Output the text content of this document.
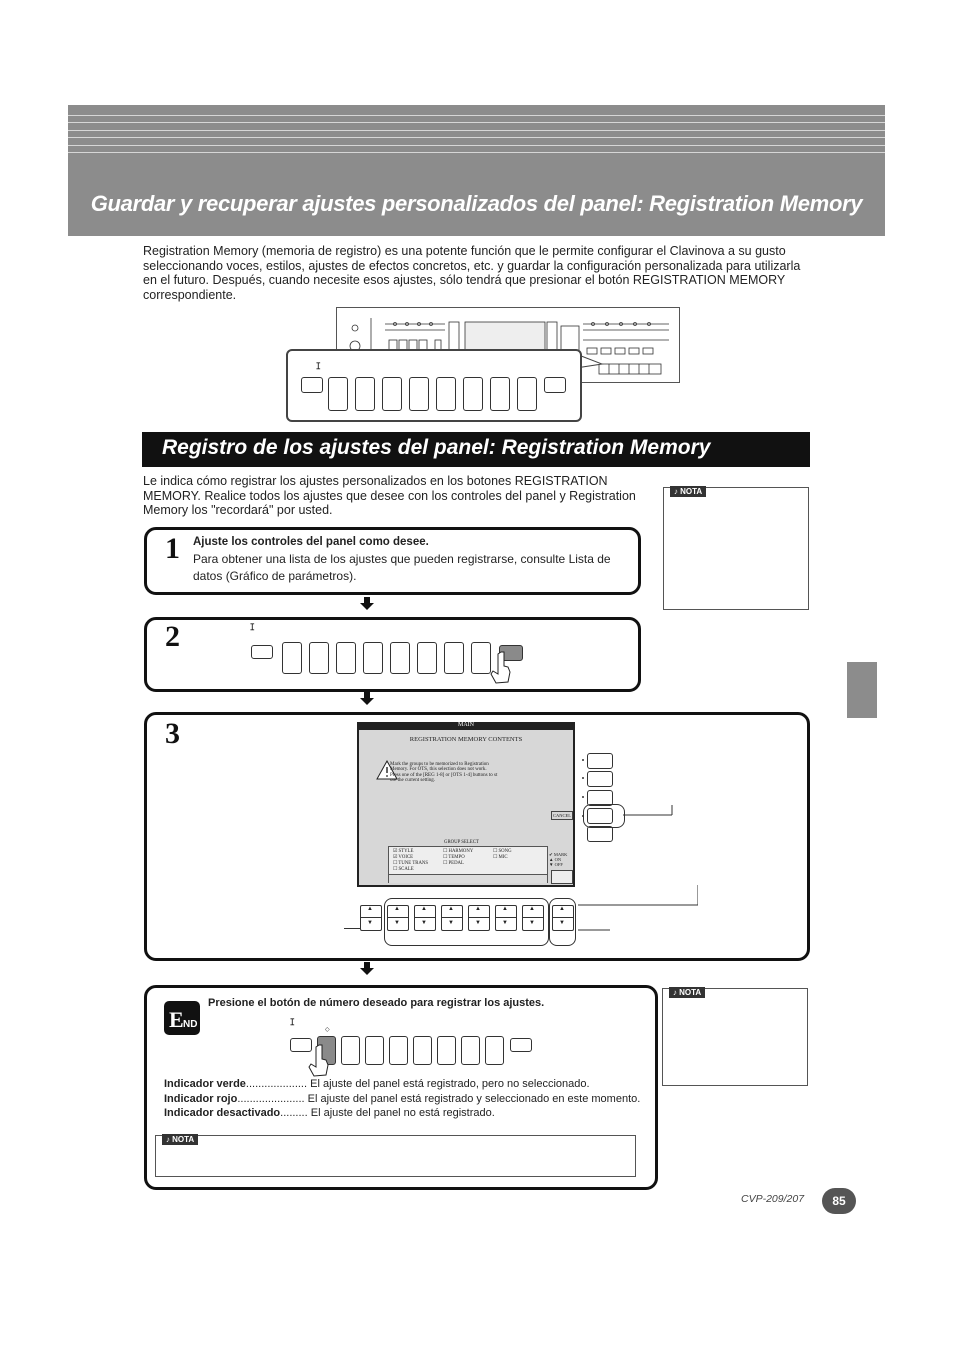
Guardar y recuperar ajustes personalizados del panel: Registration Memory
Registration Memory (memoria de registro) es una potente función que le permite configurar el Clavinova a su gusto
seleccionando voces, estilos, ajustes de efectos concretos, etc. y guardar la configuración personalizada para utilizarla
en el futuro. Después, cuando necesite esos ajustes, sólo tendrá que presionar el botón REGISTRATION MEMORY
correspondiente.
ꕯ
Registro de los ajustes del panel: Registration Memory
Le indica cómo registrar los ajustes personalizados en los botones REGISTRATION
MEMORY. Realice todos los ajustes que desee con los controles del panel y Registration
Memory los "recordará" por usted.
♪ NOTA
1 Ajuste los controles del panel como desee.
Para obtener una lista de los ajustes que pueden registrarse, consulte Lista de
datos (Gráfico de parámetros).
2	ꕯ
3	MAIN
REGISTRATION MEMORY CONTENTS
Mark the groups to be memorized to Registration
Memory. For OTS, this selection does not work.
Press one of the [REG 1-8] or [OTS 1-4] buttons to st
ore the current setting.
CANCEL
GROUP SELECT
☑ STYLE	☐ HARMONY	☐ SONG
☑ VOICE	☐ TEMPO	☐ MIC
☐ TUNE TRANS	☐ PEDAL
☐ SCALE
✔ MARK
▲ ON
▼ OFF
▲
▼
▲
▼
▲
▼
▲
▼
▲
▼
▲
▼
▲
▼
▲
▼
E ND
Presione el botón de número deseado para registrar los ajustes.
ꕯ
◇
Indicador verde.................... El ajuste del panel está registrado, pero no seleccionado.
Indicador rojo...................... El ajuste del panel está registrado y seleccionado en este momento.
Indicador desactivado......... El ajuste del panel no está registrado.
♪ NOTA
♪ NOTA
CVP-209/207	85
